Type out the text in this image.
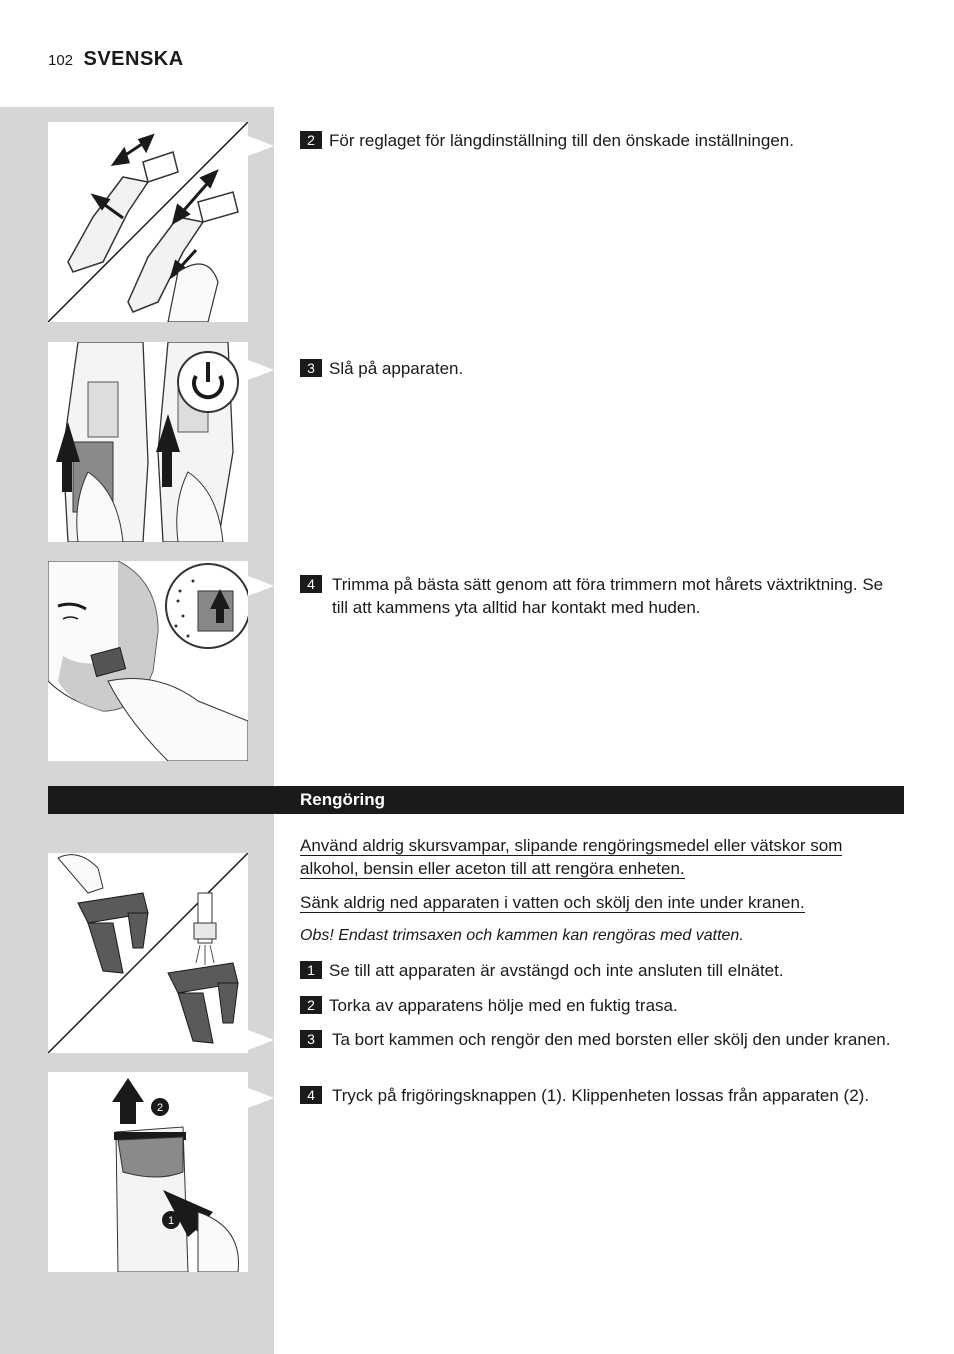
102 SVENSKA
2 För reglaget för längdinställning till den önskade inställningen.
3 Slå på apparaten.
4	Trimma på bästa sätt genom att föra trimmern mot hårets växtriktning. Se till att kammens yta alltid har kontakt med huden.
Rengöring
2
1
Använd aldrig skursvampar, slipande rengöringsmedel eller vätskor som alkohol, bensin eller aceton till att rengöra enheten.
Sänk aldrig ned apparaten i vatten och skölj den inte under kranen.
Obs! Endast trimsaxen och kammen kan rengöras med vatten.
1 Se till att apparaten är avstängd och inte ansluten till elnätet.
2 Torka av apparatens hölje med en fuktig trasa.
3	Ta bort kammen och rengör den med borsten eller skölj den under kranen.
4	Tryck på frigöringsknappen (1). Klippenheten lossas från apparaten (2).
